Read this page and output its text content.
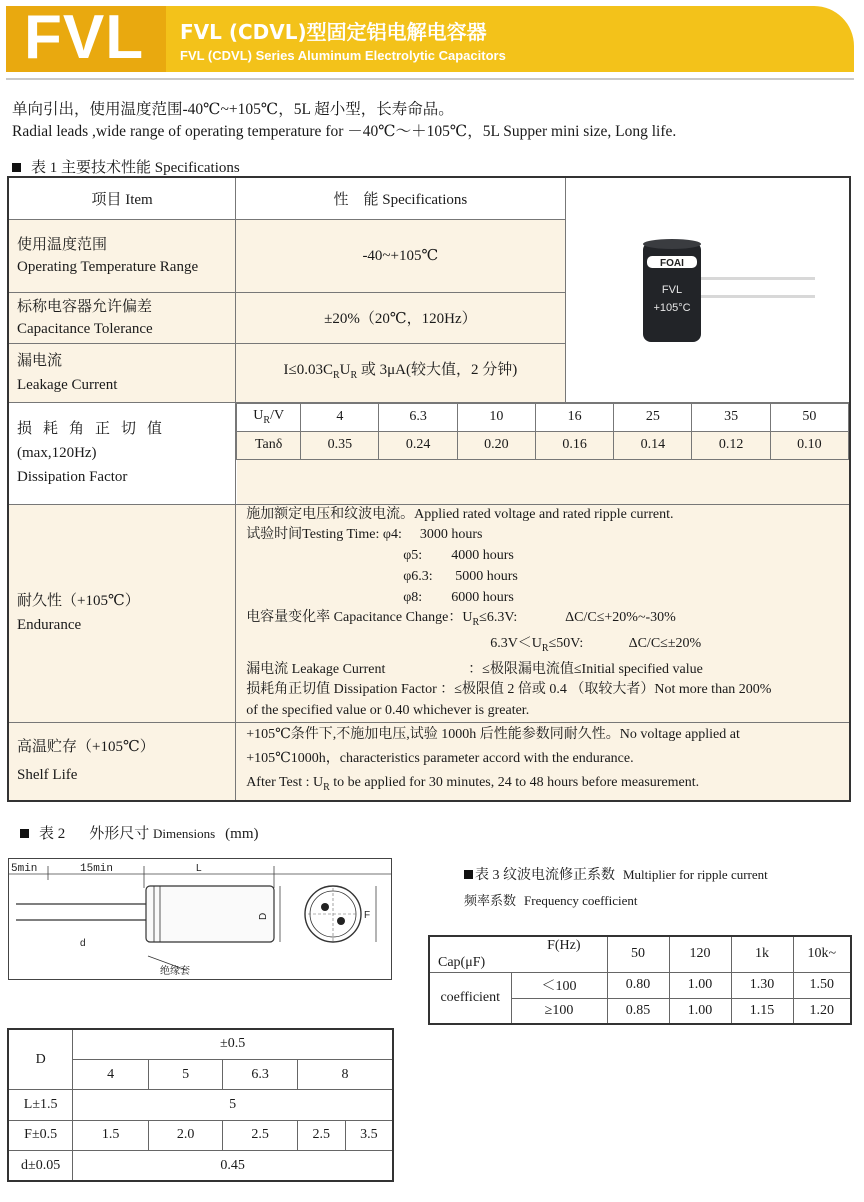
FVL FVL (CDVL)型固定铝电解电容器
FVL (CDVL) Series Aluminum Electrolytic Capacitors
单向引出，使用温度范围-40℃~+105℃，5L 超小型，长寿命品。
Radial leads ,wide range of operating temperature for －40℃～＋105℃，5L Supper mini size, Long life.
表 1 主要技术性能 Specifications
项目 Item	性　能 Specifications	
FOAI
FVL
+105°C

使用温度范围
Operating Temperature Range
	-40~+105℃

标称电容器允许偏差
Capacitance Tolerance
	±20%（20℃，120Hz）

漏电流
Leakage Current
	$I\le 0.03C_RU_R$ 或 3μA(较大值，2 分钟)

损耗角正切值
(max,120Hz)
Dissipation Factor

$U_R/V$	4	6.3	10	16	25	35	50
Tanδ	0.35	0.24	0.20	0.16	0.14	0.12	0.10

耐久性（+105℃）
Endurance

施加额定电压和纹波电流。Applied rated voltage and rated ripple current.
试验时间Testing Time: φ4: 3000 hours
φ5: 4000 hours
φ6.3: 5000 hours
φ8: 6000 hours
电容量变化率 Capacitance Change：$U_R\le 6.3V$:	ΔC/C≤+20%~-30%
$6.3V<U_R\le 50V$:	ΔC/C≤±20%
漏电流 Leakage Current	：≤极限漏电流值≤Initial specified value
损耗角正切值 Dissipation Factor ：≤极限值 2 倍或 0.4 （取较大者）Not more than 200%
of the specified value or 0.40 whichever is greater.

高温贮存（+105℃）
Shelf Life

+105℃条件下,不施加电压,试验 1000h 后性能参数同耐久性。No voltage applied at
+105℃1000h，characteristics parameter accord with the endurance.
After Test : $U_R$ to be applied for 30 minutes, 24 to 48 hours before measurement.
表 2 外形尺寸 Dimensions (mm)
5min	15min	L
D
d
绝缘套
F
D	±0.5				
	4	5	6.3	8	
L±1.5	5				
F±0.5	1.5	2.0	2.5	2.5	3.5
d±0.05	0.45				
表 3 纹波电流修正系数 Multiplier for ripple current
频率系数 Frequency coefficient
F(Hz)
Cap(μF)		50	120	1k	10k~
coefficient	＜100	0.80	1.00	1.30	1.50
	≥100	0.85	1.00	1.15	1.20
